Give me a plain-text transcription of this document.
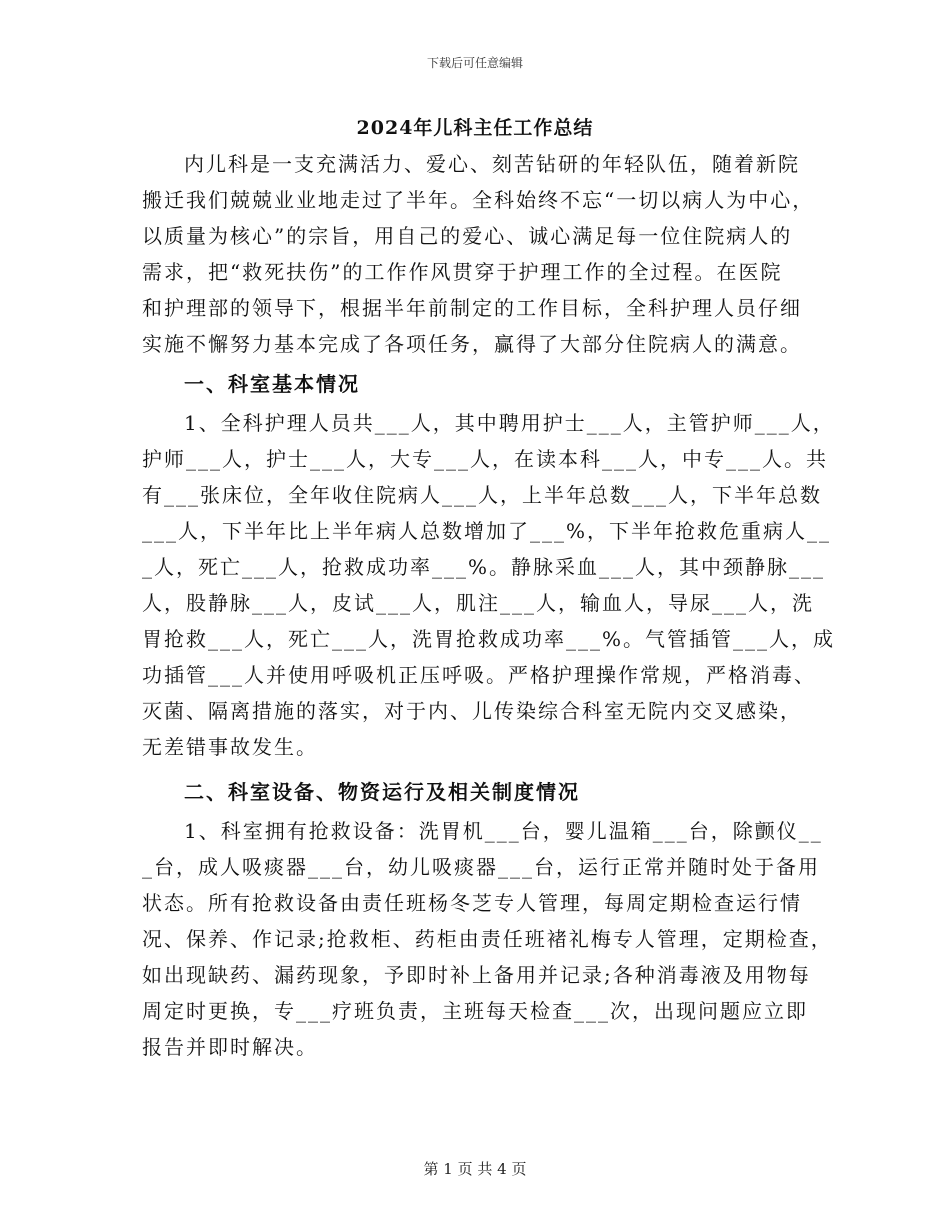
下载后可任意编辑
2024年儿科主任工作总结
内儿科是一支充满活力、爱心、刻苦钻研的年轻队伍，随着新院
搬迁我们兢兢业业地走过了半年。全科始终不忘“一切以病人为中心，
以质量为核心”的宗旨，用自己的爱心、诚心满足每一位住院病人的
需求，把“救死扶伤”的工作作风贯穿于护理工作的全过程。在医院
和护理部的领导下，根据半年前制定的工作目标，全科护理人员仔细
实施不懈努力基本完成了各项任务，赢得了大部分住院病人的满意。
一、科室基本情况
1、全科护理人员共___人，其中聘用护士___人，主管护师___人，
护师___人，护士___人，大专___人，在读本科___人，中专___人。共
有___张床位，全年收住院病人___人，上半年总数___人，下半年总数
___人，下半年比上半年病人总数增加了___%，下半年抢救危重病人__
_人，死亡___人，抢救成功率___%。静脉采血___人，其中颈静脉___
人，股静脉___人，皮试___人，肌注___人，输血人，导尿___人，洗
胃抢救___人，死亡___人，洗胃抢救成功率___%。气管插管___人，成
功插管___人并使用呼吸机正压呼吸。严格护理操作常规，严格消毒、
灭菌、隔离措施的落实，对于内、儿传染综合科室无院内交叉感染，
无差错事故发生。
二、科室设备、物资运行及相关制度情况
1、科室拥有抢救设备：洗胃机___台，婴儿温箱___台，除颤仪__
_台，成人吸痰器___台，幼儿吸痰器___台，运行正常并随时处于备用
状态。所有抢救设备由责任班杨冬芝专人管理，每周定期检查运行情
况、保养、作记录;抢救柜、药柜由责任班褚礼梅专人管理，定期检查，
如出现缺药、漏药现象，予即时补上备用并记录;各种消毒液及用物每
周定时更换，专___疗班负责，主班每天检查___次，出现问题应立即
报告并即时解决。
第 1 页 共 4 页
